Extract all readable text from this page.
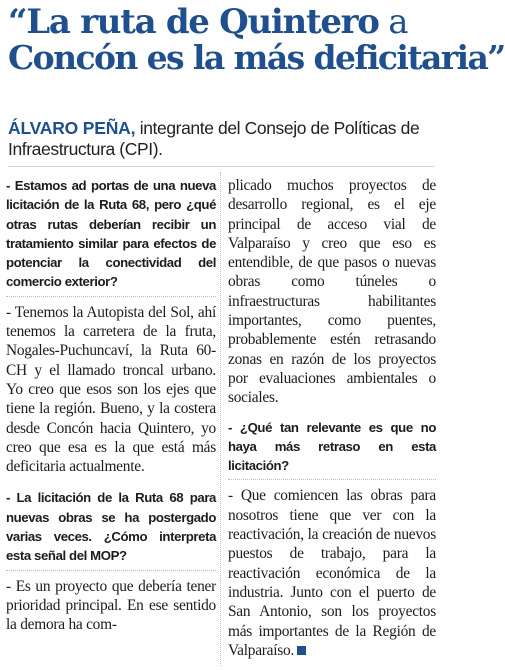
“La ruta de Quintero a
Concón es la más deficitaria”
ÁLVARO PEÑA, integrante del Consejo de Políticas de Infraestructura (CPI).

- Estamos ad portas de una nueva licitación de la Ruta 68, pero ¿qué otras rutas deberían recibir un tratamiento similar para efectos de potenciar la conectividad del comercio exterior?

- Tenemos la Autopista del Sol, ahí tenemos la carretera de la fruta, Nogales-Puchuncaví, la Ruta 60-CH y el llamado troncal urbano. Yo creo que esos son los ejes que tiene la región. Bueno, y la costera desde Concón hacia Quintero, yo creo que esa es la que está más deficitaria actualmente.

- La licitación de la Ruta 68 para nuevas obras se ha postergado varias veces. ¿Cómo interpreta esta señal del MOP?

- Es un proyecto que debería tener prioridad principal. En ese sentido la demora ha com-

plicado muchos proyectos de desarrollo regional, es el eje principal de acceso vial de Valparaíso y creo que eso es entendible, de que pasos o nuevas obras como túneles o infraestructuras habilitantes importantes, como puentes, probablemente estén retrasando zonas en razón de los proyectos por evaluaciones ambientales o sociales.

- ¿Qué tan relevante es que no haya más retraso en esta licitación?

- Que comiencen las obras para nosotros tiene que ver con la reactivación, la creación de nuevos puestos de trabajo, para la reactivación económica de la industria. Junto con el puerto de San Antonio, son los proyectos más importantes de la Región de Valparaíso.
